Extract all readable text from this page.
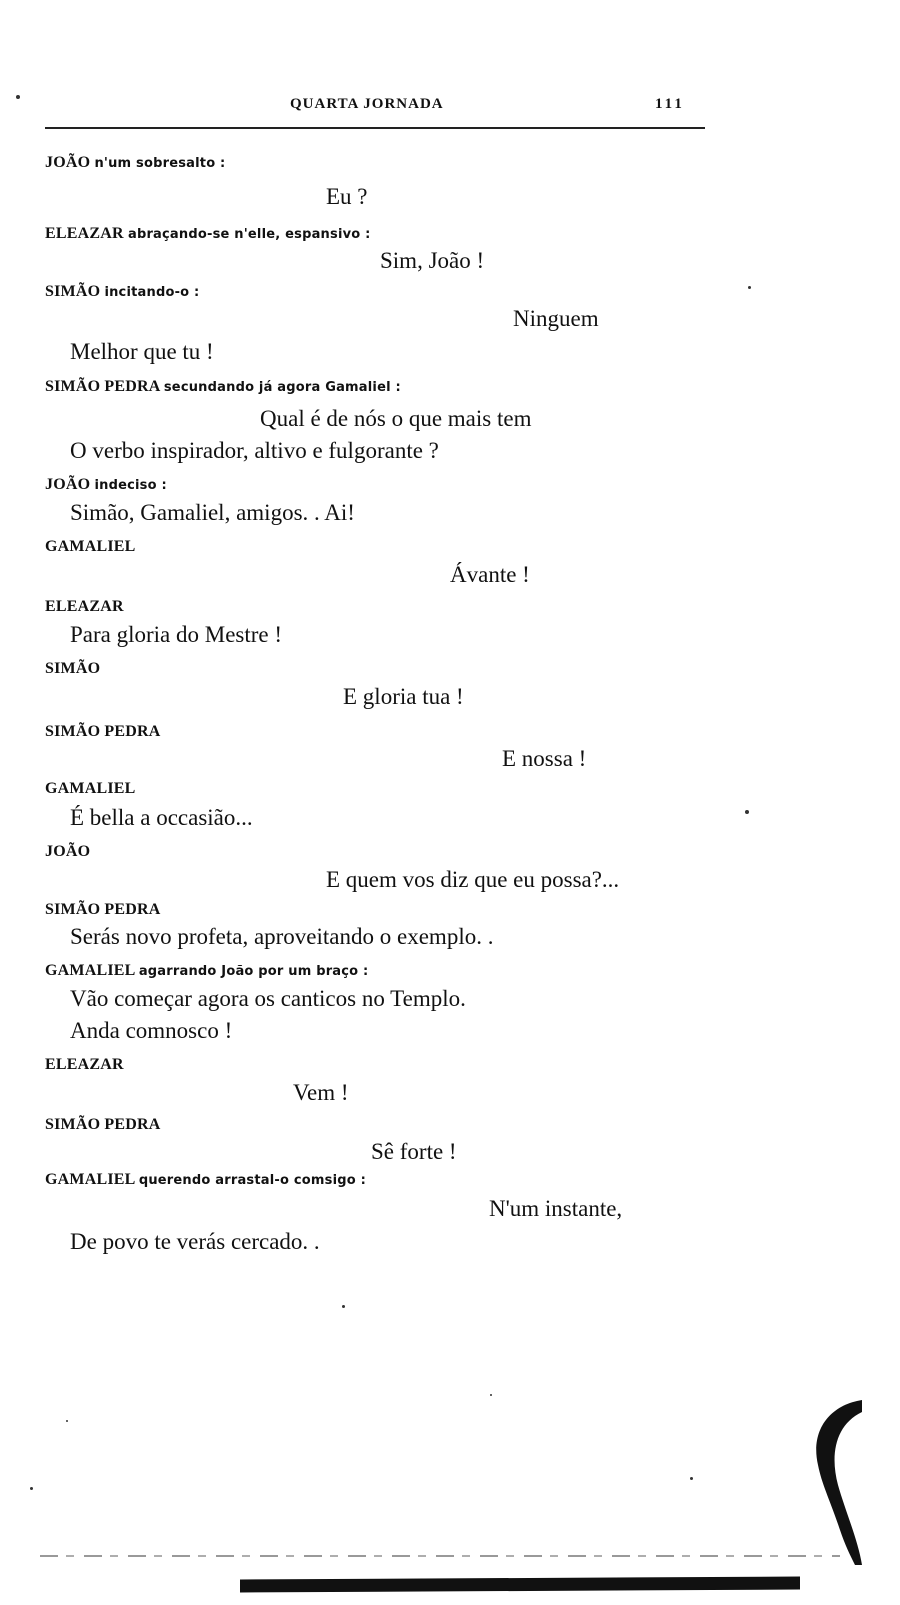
QUARTA JORNADA	111
JOÃO n'um sobresalto :
Eu ?
ELEAZAR abraçando-se n'elle, espansivo :
Sim, João !
SIMÃO incitando-o :
Ninguem
Melhor que tu !
SIMÃO PEDRA secundando já agora Gamaliel :
Qual é de nós o que mais tem
O verbo inspirador, altivo e fulgorante ?
JOÃO indeciso :
Simão, Gamaliel, amigos. . Ai!
GAMALIEL
Ávante !
ELEAZAR
Para gloria do Mestre !
SIMÃO
E gloria tua !
SIMÃO PEDRA
E nossa !
GAMALIEL
É bella a occasião...
JOÃO
E quem vos diz que eu possa?...
SIMÃO PEDRA
Serás novo profeta, aproveitando o exemplo. .
GAMALIEL agarrando João por um braço :
Vão começar agora os canticos no Templo.
Anda comnosco !
ELEAZAR
Vem !
SIMÃO PEDRA
Sê forte !
GAMALIEL querendo arrastal-o comsigo :
N'um instante,
De povo te verás cercado. .
